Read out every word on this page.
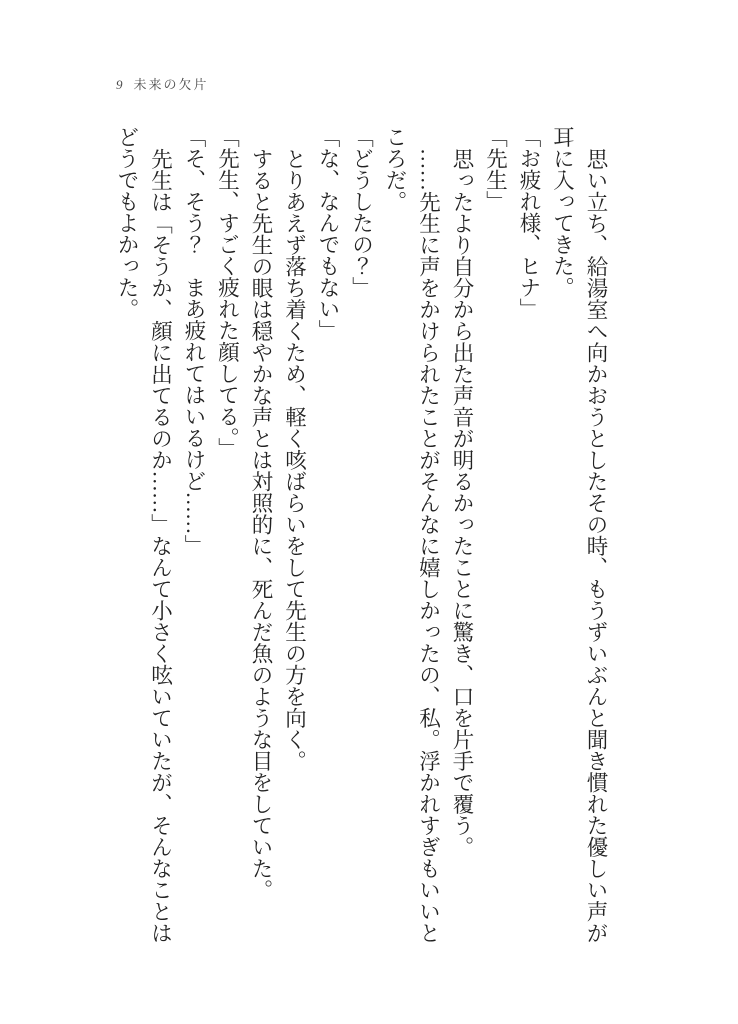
9 未来の欠片

思い立ち、給湯室へ向かおうとしたその時、もうずいぶんと聞き慣れた優しい声が耳に入ってきた。

「お疲れ様、ヒナ」

「先生」

思ったより自分から出た声音が明るかったことに驚き、口を片手で覆う。

……先生に声をかけられたことがそんなに嬉しかったの、私。浮かれすぎもいいところだ。

「どうしたの？」

「な、なんでもない」

とりあえず落ち着くため、軽く咳ばらいをして先生の方を向く。

すると先生の眼は穏やかな声とは対照的に、死んだ魚のような目をしていた。

「先生、すごく疲れた顔してる。」

「そ、そう？　まあ疲れてはいるけど……」

先生は「そうか、顔に出てるのか……」なんて小さく呟いていたが、そんなことはどうでもよかった。
